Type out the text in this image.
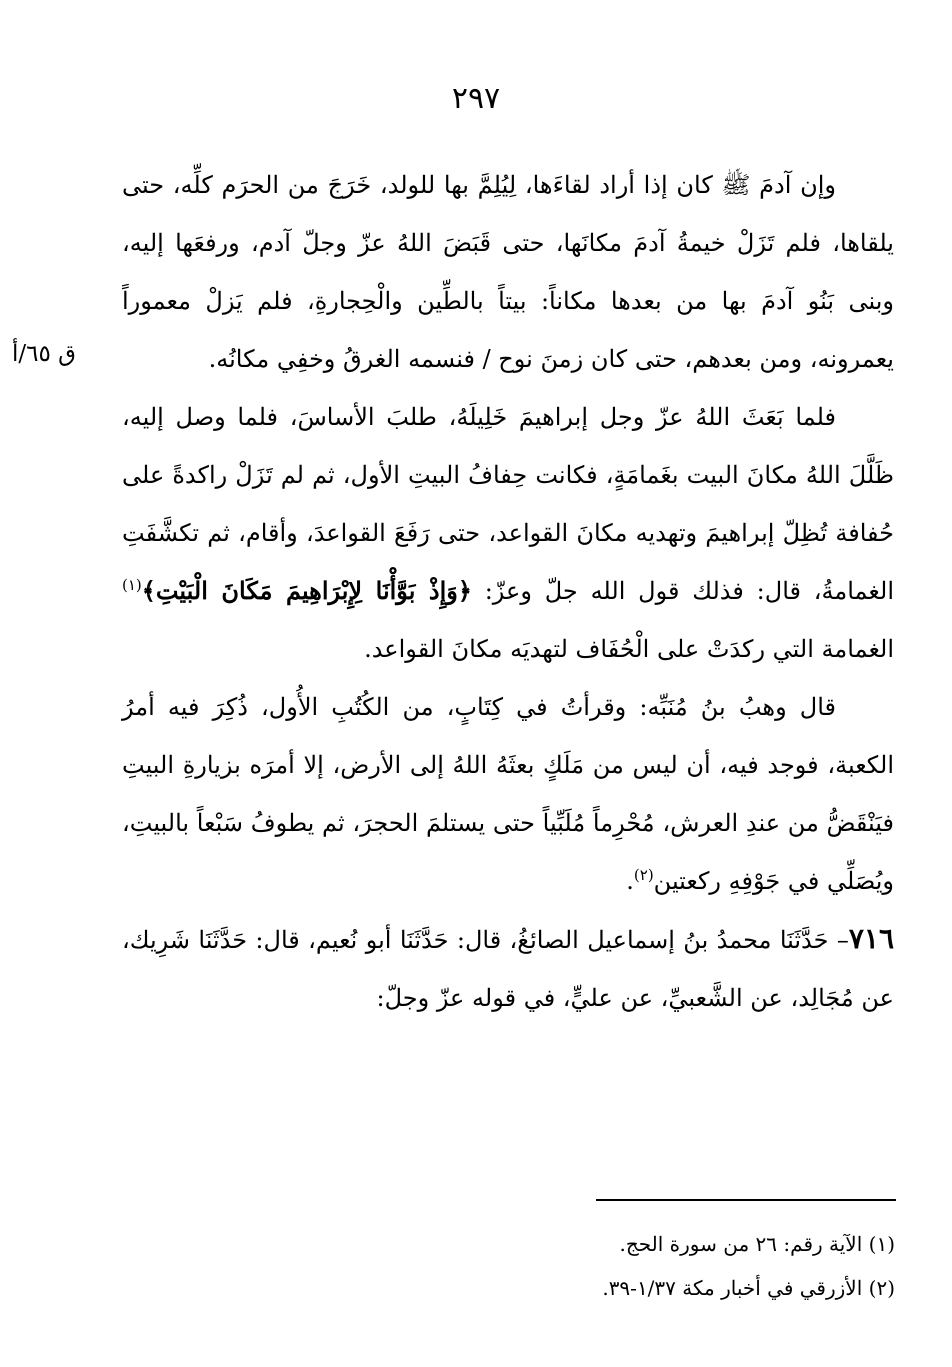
٢٩٧
ق ٦٥/أ

وإن آدمَ ﷺ كان إذا أراد لقاءَها، لِيُلِمَّ بها للولد، خَرَجَ من الحرَم كلِّه، حتى يلقاها، فلم تَزَلْ خيمةُ آدمَ مكانَها، حتى قَبَضَ اللهُ عزّ وجلّ آدم، ورفعَها إليه، وبنى بَنُو آدمَ بها من بعدها مكاناً: بيتاً بالطِّين والْحِجارةِ، فلم يَزلْ معموراً يعمرونه، ومن بعدهم، حتى كان زمنَ نوح / فنسمه الغرقُ وخفِي مكانُه.

فلما بَعَثَ اللهُ عزّ وجل إبراهيمَ خَلِيلَهُ، طلبَ الأساسَ، فلما وصل إليه، ظَلَّلَ اللهُ مكانَ البيت بغَمامَةٍ، فكانت حِفافُ البيتِ الأول، ثم لم تَزَلْ راكدةً على حُفافة تُظِلّ إبراهيمَ وتهديه مكانَ القواعد، حتى رَفَعَ القواعدَ، وأقام، ثم تكشَّفَتِ الغمامةُ، قال: فذلك قول الله جلّ وعزّ: ﴿وَإِذْ بَوَّأْنَا لِإِبْرَاهِيمَ مَكَانَ الْبَيْتِ﴾$^{(١)}$ الغمامة التي ركدَتْ على الْحُفَاف لتهديَه مكانَ القواعد.

قال وهبُ بنُ مُنَبِّه: وقرأتُ في كِتَابٍ، من الكُتُبِ الأُول، ذُكِرَ فيه أمرُ الكعبة، فوجد فيه، أن ليس من مَلَكٍ بعثَهُ اللهُ إلى الأرض، إلا أمرَه بزيارةِ البيتِ فيَنْقَضُّ من عندِ العرش، مُحْرِماً مُلَبِّياً حتى يستلمَ الحجرَ، ثم يطوفُ سَبْعاً بالبيتِ، ويُصَلِّي في جَوْفِهِ ركعتين$^{(٢)}$.

٧١٦– حَدَّثَنَا محمدُ بنُ إسماعيل الصائغُ، قال: حَدَّثَنَا أبو نُعيم، قال: حَدَّثَنَا شَرِيك، عن مُجَالِد، عن الشَّعبيِّ، عن عليٍّ، في قوله عزّ وجلّ:

(١) الآية رقم: ٢٦ من سورة الحج.

(٢) الأزرقي في أخبار مكة ١/٣٧-٣٩.
